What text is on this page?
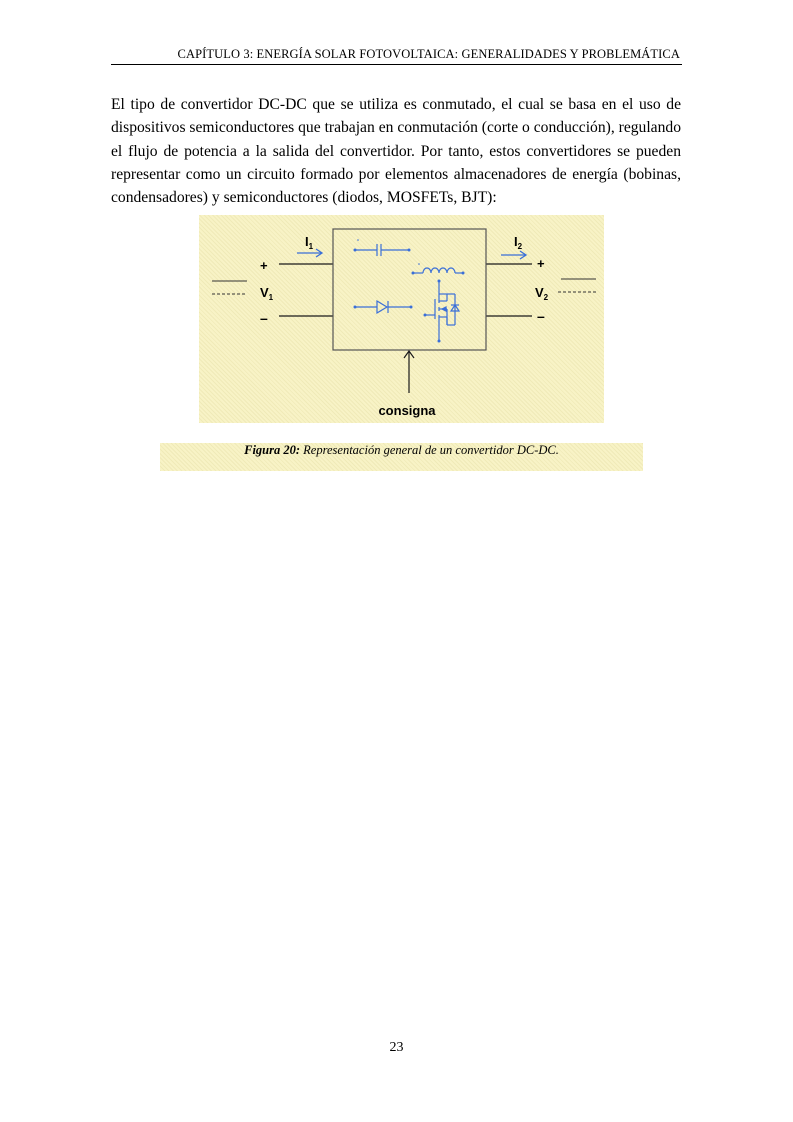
CAPÍTULO 3: ENERGÍA SOLAR FOTOVOLTAICA: GENERALIDADES Y PROBLEMÁTICA

El tipo de convertidor DC-DC que se utiliza es conmutado, el cual se basa en el uso de dispositivos semiconductores que trabajan en conmutación (corte o conducción), regulando el flujo de potencia a la salida del convertidor. Por tanto, estos convertidores se pueden representar como un circuito formado por elementos almacenadores de energía (bobinas, condensadores) y semiconductores (diodos, MOSFETs, BJT):

+
–
+
–
$V_1$	$V_2$
$I_1$	$I_2$
consigna
Figura 20: Representación general de un convertidor DC-DC.
23
